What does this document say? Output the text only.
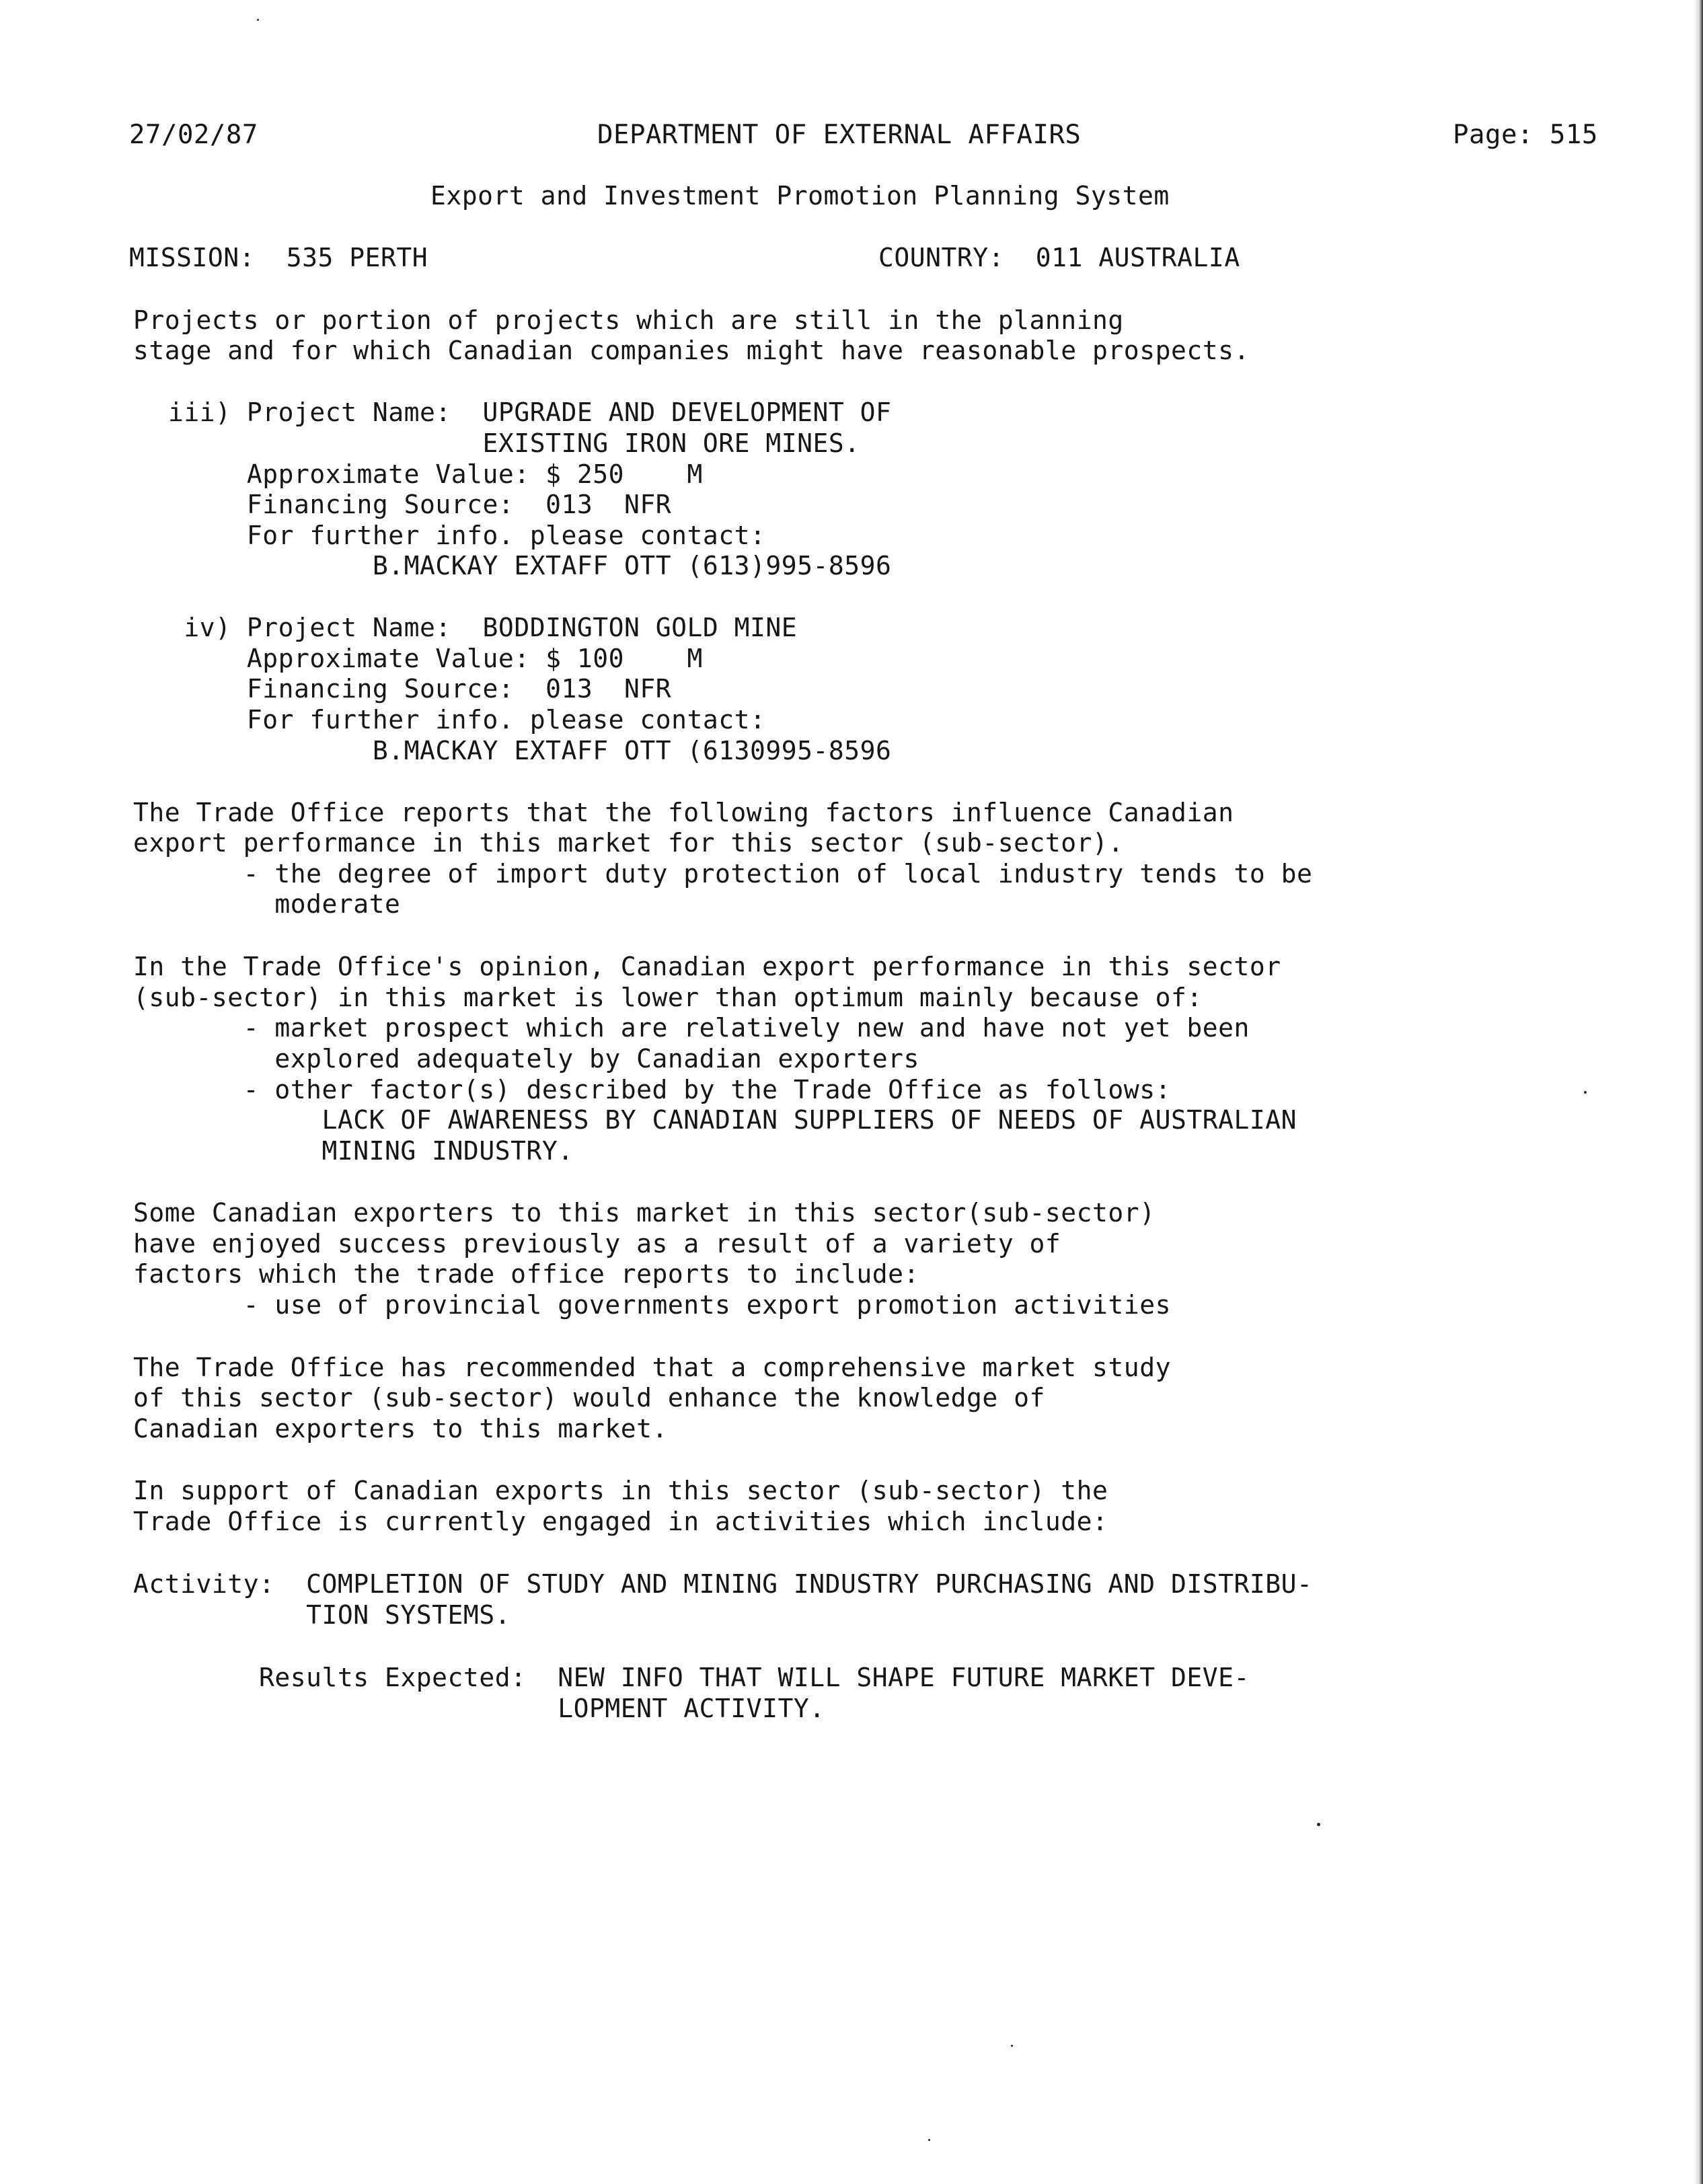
27/02/87	DEPARTMENT OF EXTERNAL AFFAIRS	Page: 515
Export and Investment Promotion Planning System
MISSION:  535 PERTH	COUNTRY:  011 AUSTRALIA
Projects or portion of projects which are still in the planning
stage and for which Canadian companies might have reasonable prospects.
iii) Project Name:  UPGRADE AND DEVELOPMENT OF
EXISTING IRON ORE MINES.
Approximate Value: $ 250    M
Financing Source:  013  NFR
For further info. please contact:
B.MACKAY EXTAFF OTT (613)995-8596
iv) Project Name:  BODDINGTON GOLD MINE
Approximate Value: $ 100    M
Financing Source:  013  NFR
For further info. please contact:
B.MACKAY EXTAFF OTT (6130995-8596
The Trade Office reports that the following factors influence Canadian
export performance in this market for this sector (sub-sector).
- the degree of import duty protection of local industry tends to be
moderate
In the Trade Office's opinion, Canadian export performance in this sector
(sub-sector) in this market is lower than optimum mainly because of:
- market prospect which are relatively new and have not yet been
explored adequately by Canadian exporters
- other factor(s) described by the Trade Office as follows:
LACK OF AWARENESS BY CANADIAN SUPPLIERS OF NEEDS OF AUSTRALIAN
MINING INDUSTRY.
Some Canadian exporters to this market in this sector(sub-sector)
have enjoyed success previously as a result of a variety of
factors which the trade office reports to include:
- use of provincial governments export promotion activities
The Trade Office has recommended that a comprehensive market study
of this sector (sub-sector) would enhance the knowledge of
Canadian exporters to this market.
In support of Canadian exports in this sector (sub-sector) the
Trade Office is currently engaged in activities which include:
Activity:  COMPLETION OF STUDY AND MINING INDUSTRY PURCHASING AND DISTRIBU-
TION SYSTEMS.
Results Expected:  NEW INFO THAT WILL SHAPE FUTURE MARKET DEVE-
LOPMENT ACTIVITY.
